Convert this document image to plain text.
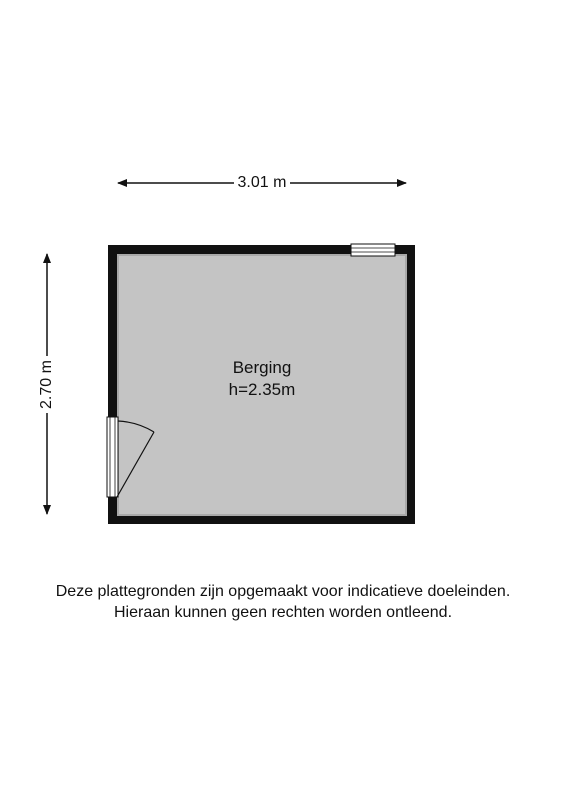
3.01 m
2.70 m	Berging
h=2.35m
Deze plattegronden zijn opgemaakt voor indicatieve doeleinden.
Hieraan kunnen geen rechten worden ontleend.
